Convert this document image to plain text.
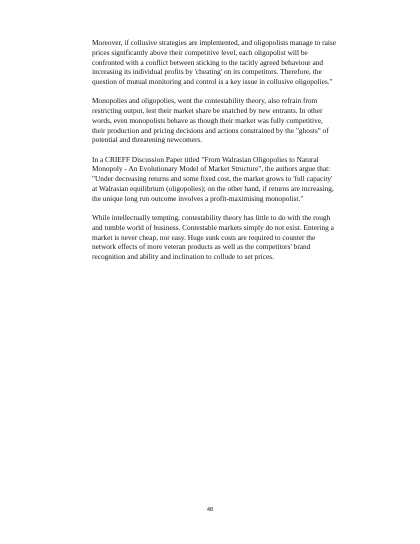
Moreover, if collusive strategies are implemented, and oligopolists manage to raise prices significantly above their competitive level, each oligopolist will be confronted with a conflict between sticking to the tacitly agreed behaviour and increasing its individual profits by 'cheating' on its competitors. Therefore, the question of mutual monitoring and control is a key issue in collusive oligopolies."

Monopolies and oligopolies, went the contestability theory, also refrain from restricting output, lest their market share be snatched by new entrants. In other words, even monopolists behave as though their market was fully competitive, their production and pricing decisions and actions constrained by the "ghosts" of potential and threatening newcomers.

In a CRIEFF Discussion Paper titled "From Walrasian Oligopolies to Natural Monopoly - An Evolutionary Model of Market Structure", the authors argue that: "Under decreasing returns and some fixed cost, the market grows to 'full capacity' at Walrasian equilibrium (oligopolies); on the other hand, if returns are increasing, the unique long run outcome involves a profit-maximising monopolist."

While intellectually tempting, contestability theory has little to do with the rough and tumble world of business. Contestable markets simply do not exist. Entering a market is never cheap, nor easy. Huge sunk costs are required to counter the network effects of more veteran products as well as the competitors' brand recognition and ability and inclination to collude to set prices.

48
